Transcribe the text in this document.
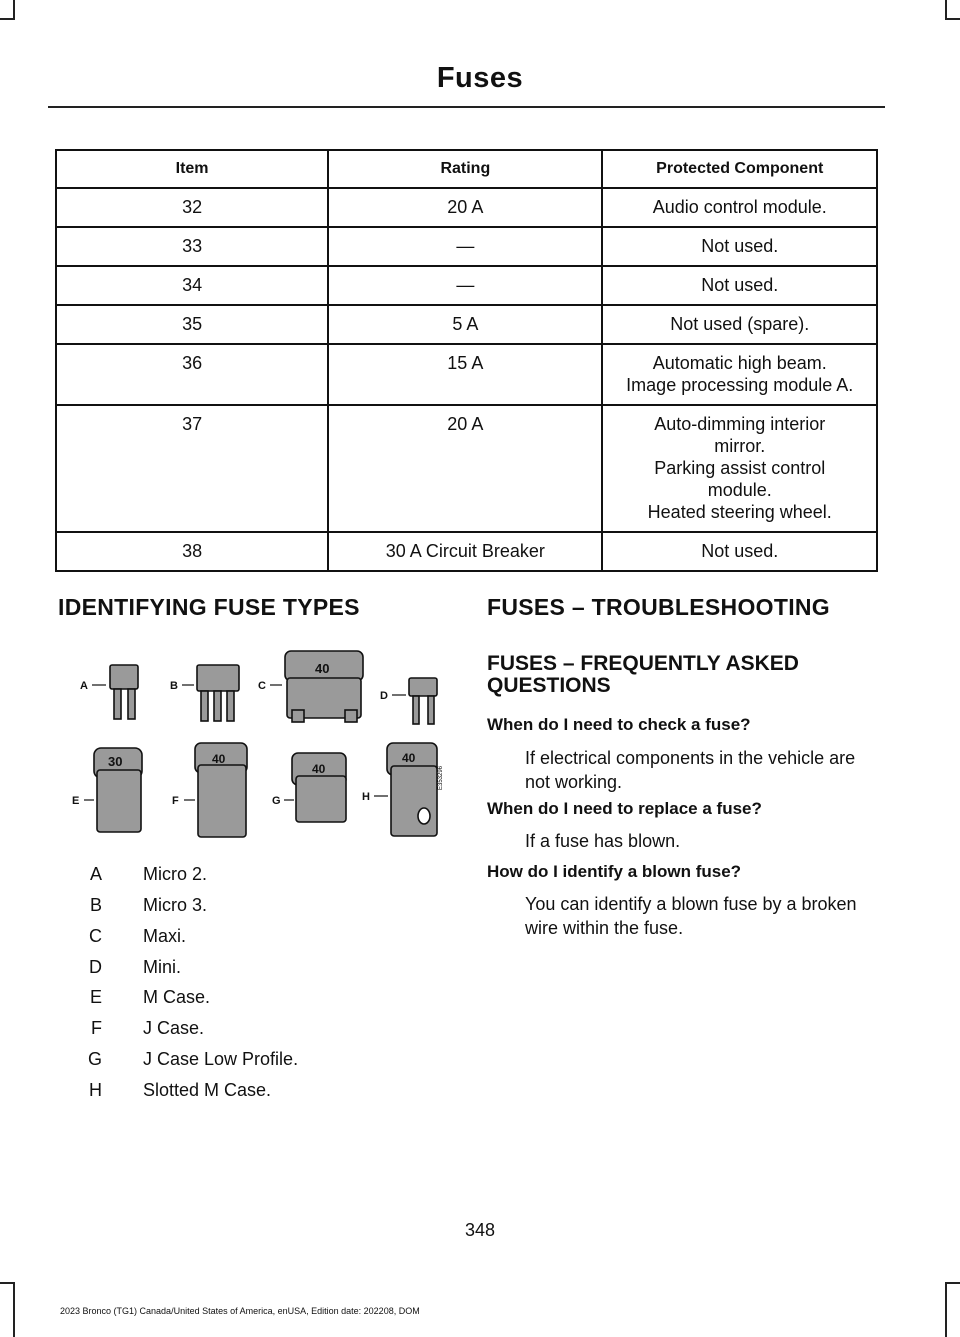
Fuses
Item	Rating	Protected Component
32	20 A	Audio control module.

33	—	Not used.

34	—	Not used.

35	5 A	Not used (spare).

36	15 A	Automatic high beam.
Image processing module A.

37	20 A	Auto-dimming interior mirror.
Parking assist control module.
Heated steering wheel.

38	30 A Circuit Breaker	Not used.
IDENTIFYING FUSE TYPES
40
30	40
40
40
A	B	C
D
E	F	G	H
E353296
A Micro 2.
B Micro 3.
C Maxi.
D Mini.
E M Case.
F J Case.
G J Case Low Profile.
H Slotted M Case.
FUSES – TROUBLESHOOTING
FUSES – FREQUENTLY ASKED QUESTIONS
When do I need to check a fuse?
If electrical components in the vehicle are not working.
When do I need to replace a fuse?
If a fuse has blown.
How do I identify a blown fuse?
You can identify a blown fuse by a broken wire within the fuse.
348
2023 Bronco (TG1) Canada/United States of America, enUSA, Edition date: 202208, DOM
